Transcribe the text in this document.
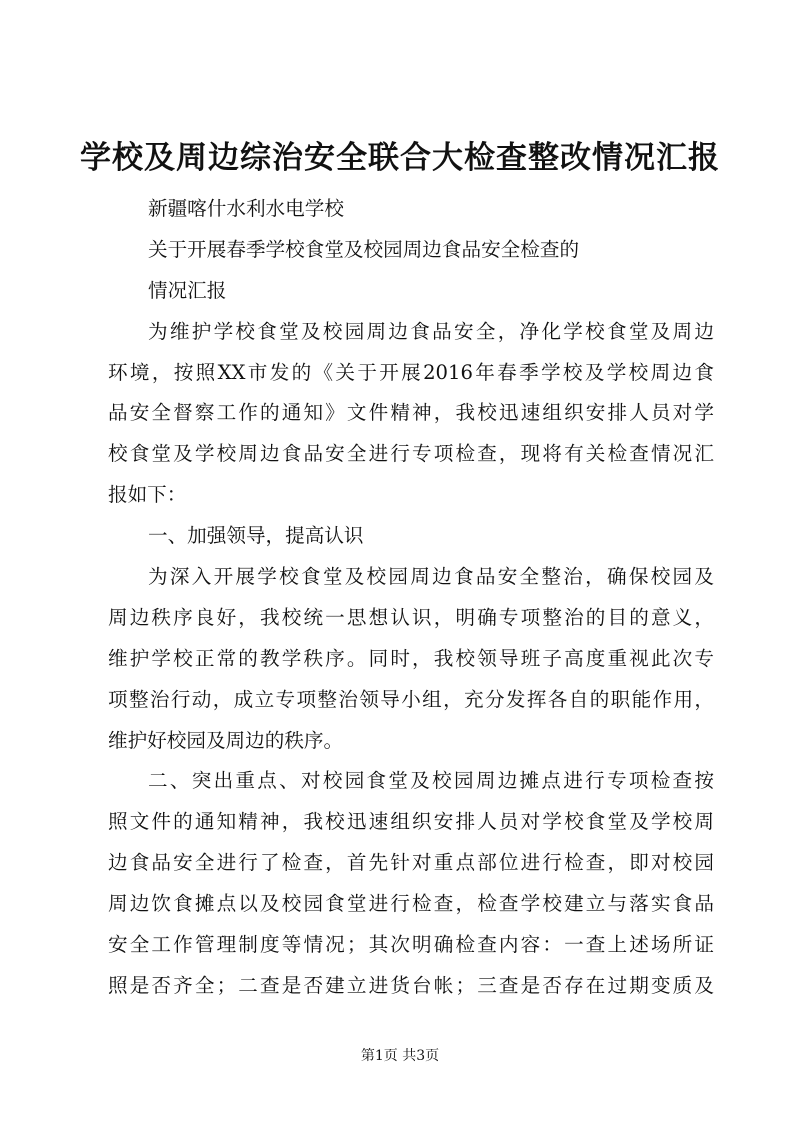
学校及周边综治安全联合大检查整改情况汇报
新疆喀什水利水电学校
关于开展春季学校食堂及校园周边食品安全检查的
情况汇报
为维护学校食堂及校园周边食品安全，净化学校食堂及周边
环境，按照XX市发的《关于开展2016年春季学校及学校周边食
品安全督察工作的通知》文件精神，我校迅速组织安排人员对学
校食堂及学校周边食品安全进行专项检查，现将有关检查情况汇
报如下：
一、加强领导，提高认识
为深入开展学校食堂及校园周边食品安全整治，确保校园及
周边秩序良好，我校统一思想认识，明确专项整治的目的意义，
维护学校正常的教学秩序。同时，我校领导班子高度重视此次专
项整治行动，成立专项整治领导小组，充分发挥各自的职能作用，
维护好校园及周边的秩序。
二、突出重点、对校园食堂及校园周边摊点进行专项检查按
照文件的通知精神，我校迅速组织安排人员对学校食堂及学校周
边食品安全进行了检查，首先针对重点部位进行检查，即对校园
周边饮食摊点以及校园食堂进行检查，检查学校建立与落实食品
安全工作管理制度等情况；其次明确检查内容：一查上述场所证
照是否齐全；二查是否建立进货台帐；三查是否存在过期变质及
第1页 共3页
